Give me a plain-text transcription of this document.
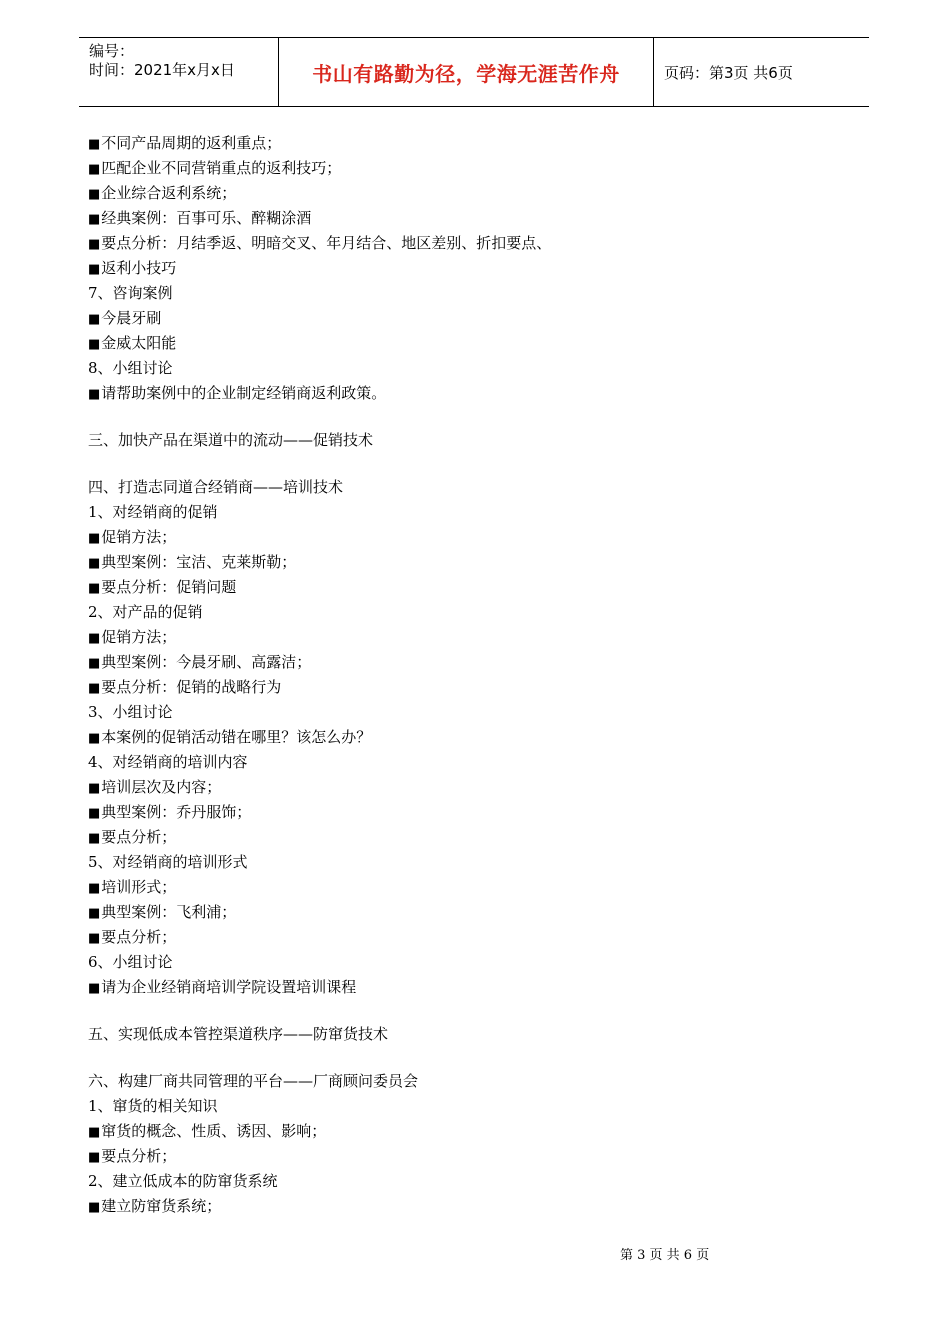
编号：
时间：2021年x月x日	书山有路勤为径，学海无涯苦作舟	页码：第3页 共6页
■不同产品周期的返利重点；
■匹配企业不同营销重点的返利技巧；
■企业综合返利系统；
■经典案例：百事可乐、醉糊涂酒
■要点分析：月结季返、明暗交叉、年月结合、地区差别、折扣要点、
■返利小技巧
7、咨询案例
■今晨牙刷
■金威太阳能
8、小组讨论
■请帮助案例中的企业制定经销商返利政策。
三、加快产品在渠道中的流动——促销技术
四、打造志同道合经销商——培训技术
1、对经销商的促销
■促销方法；
■典型案例：宝洁、克莱斯勒；
■要点分析：促销问题
2、对产品的促销
■促销方法；
■典型案例：今晨牙刷、高露洁；
■要点分析：促销的战略行为
3、小组讨论
■本案例的促销活动错在哪里？该怎么办？
4、对经销商的培训内容
■培训层次及内容；
■典型案例：乔丹服饰；
■要点分析；
5、对经销商的培训形式
■培训形式；
■典型案例：飞利浦；
■要点分析；
6、小组讨论
■请为企业经销商培训学院设置培训课程
五、实现低成本管控渠道秩序——防窜货技术
六、构建厂商共同管理的平台——厂商顾问委员会
1、窜货的相关知识
■窜货的概念、性质、诱因、影响；
■要点分析；
2、建立低成本的防窜货系统
■建立防窜货系统；
第 3 页 共 6 页
